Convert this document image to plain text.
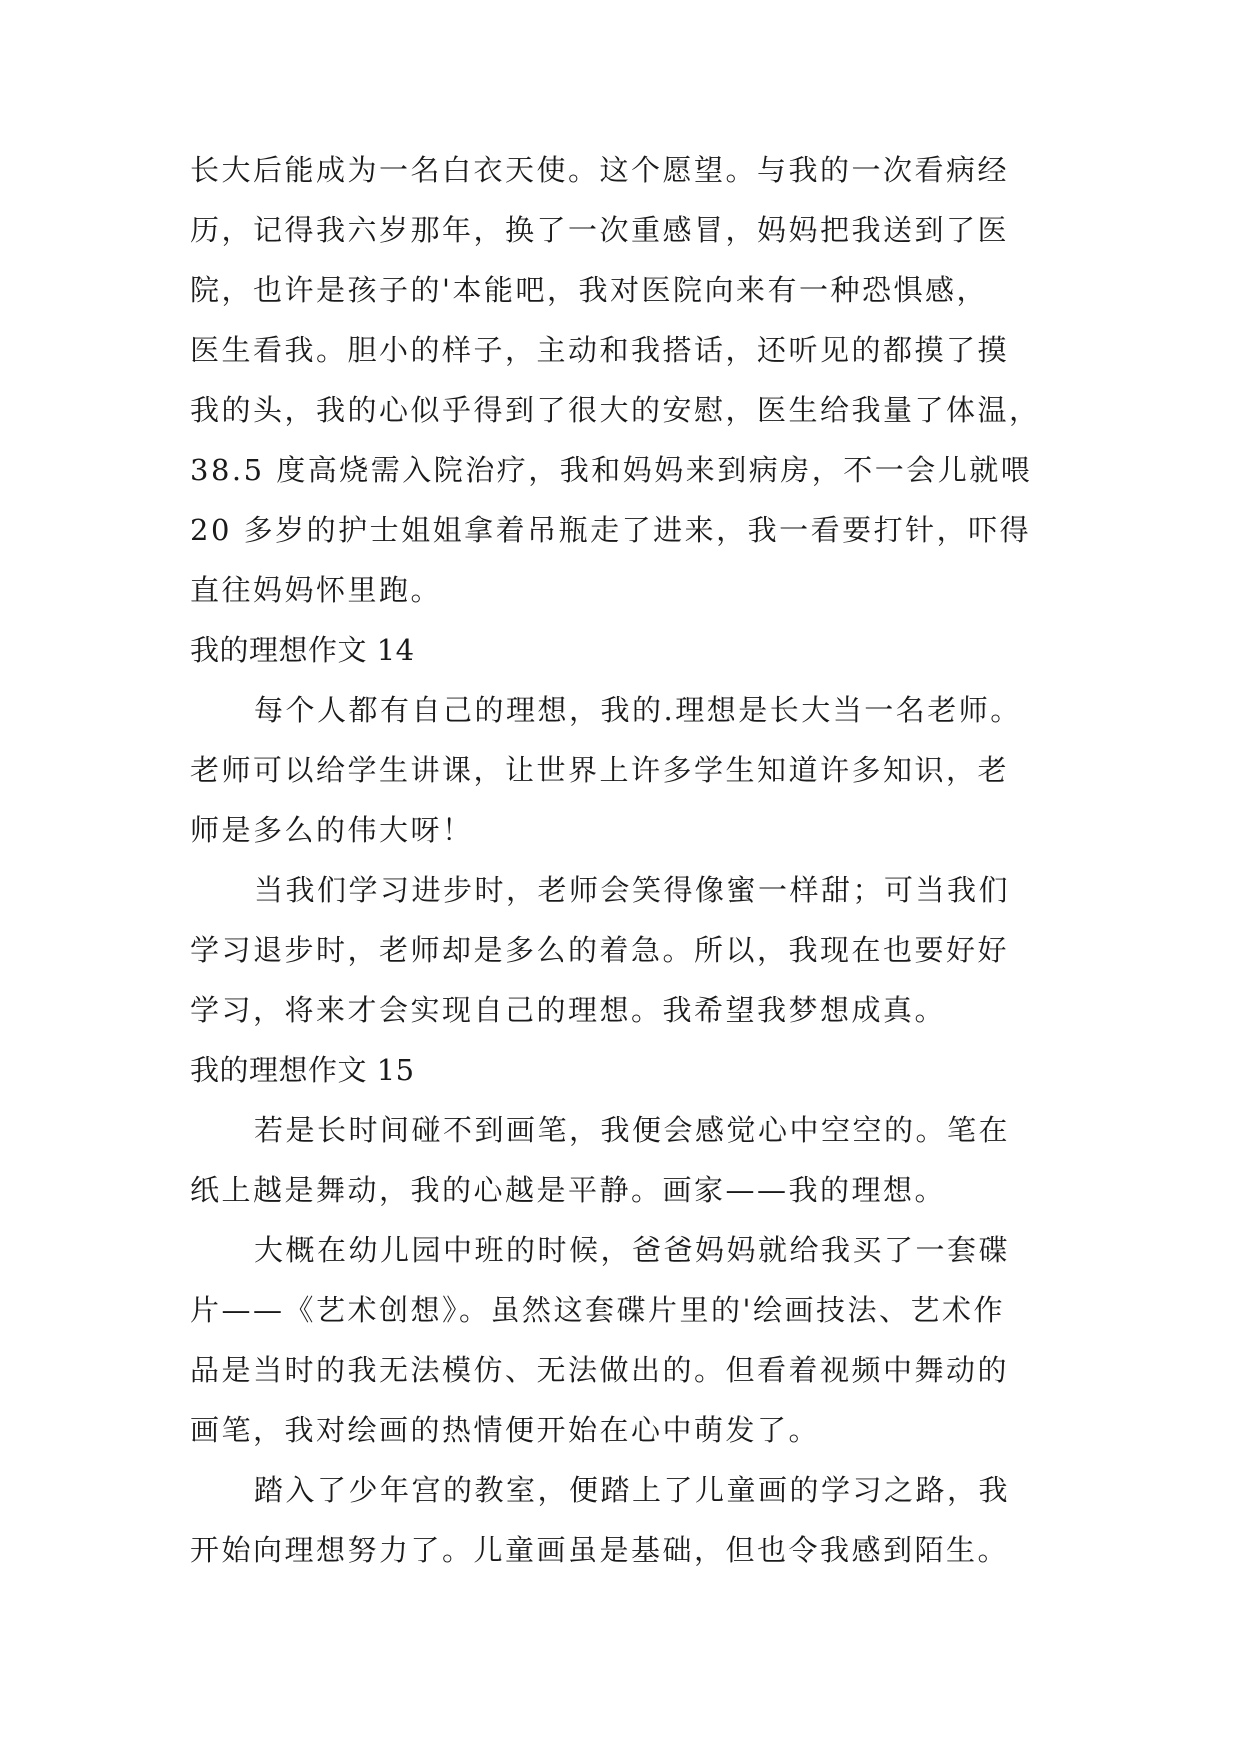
长大后能成为一名白衣天使。这个愿望。与我的一次看病经
历，记得我六岁那年，换了一次重感冒，妈妈把我送到了医
院，也许是孩子的'本能吧，我对医院向来有一种恐惧感，
医生看我。胆小的样子，主动和我搭话，还听见的都摸了摸
我的头，我的心似乎得到了很大的安慰，医生给我量了体温，
38.5 度高烧需入院治疗，我和妈妈来到病房，不一会儿就喂
20 多岁的护士姐姐拿着吊瓶走了进来，我一看要打针，吓得
直往妈妈怀里跑。
我的理想作文 14
每个人都有自己的理想，我的.理想是长大当一名老师。
老师可以给学生讲课，让世界上许多学生知道许多知识，老
师是多么的伟大呀！
当我们学习进步时，老师会笑得像蜜一样甜；可当我们
学习退步时，老师却是多么的着急。所以，我现在也要好好
学习，将来才会实现自己的理想。我希望我梦想成真。
我的理想作文 15
若是长时间碰不到画笔，我便会感觉心中空空的。笔在
纸上越是舞动，我的心越是平静。画家——我的理想。
大概在幼儿园中班的时候，爸爸妈妈就给我买了一套碟
片——《艺术创想》。虽然这套碟片里的'绘画技法、艺术作
品是当时的我无法模仿、无法做出的。但看着视频中舞动的
画笔，我对绘画的热情便开始在心中萌发了。
踏入了少年宫的教室，便踏上了儿童画的学习之路，我
开始向理想努力了。儿童画虽是基础，但也令我感到陌生。
